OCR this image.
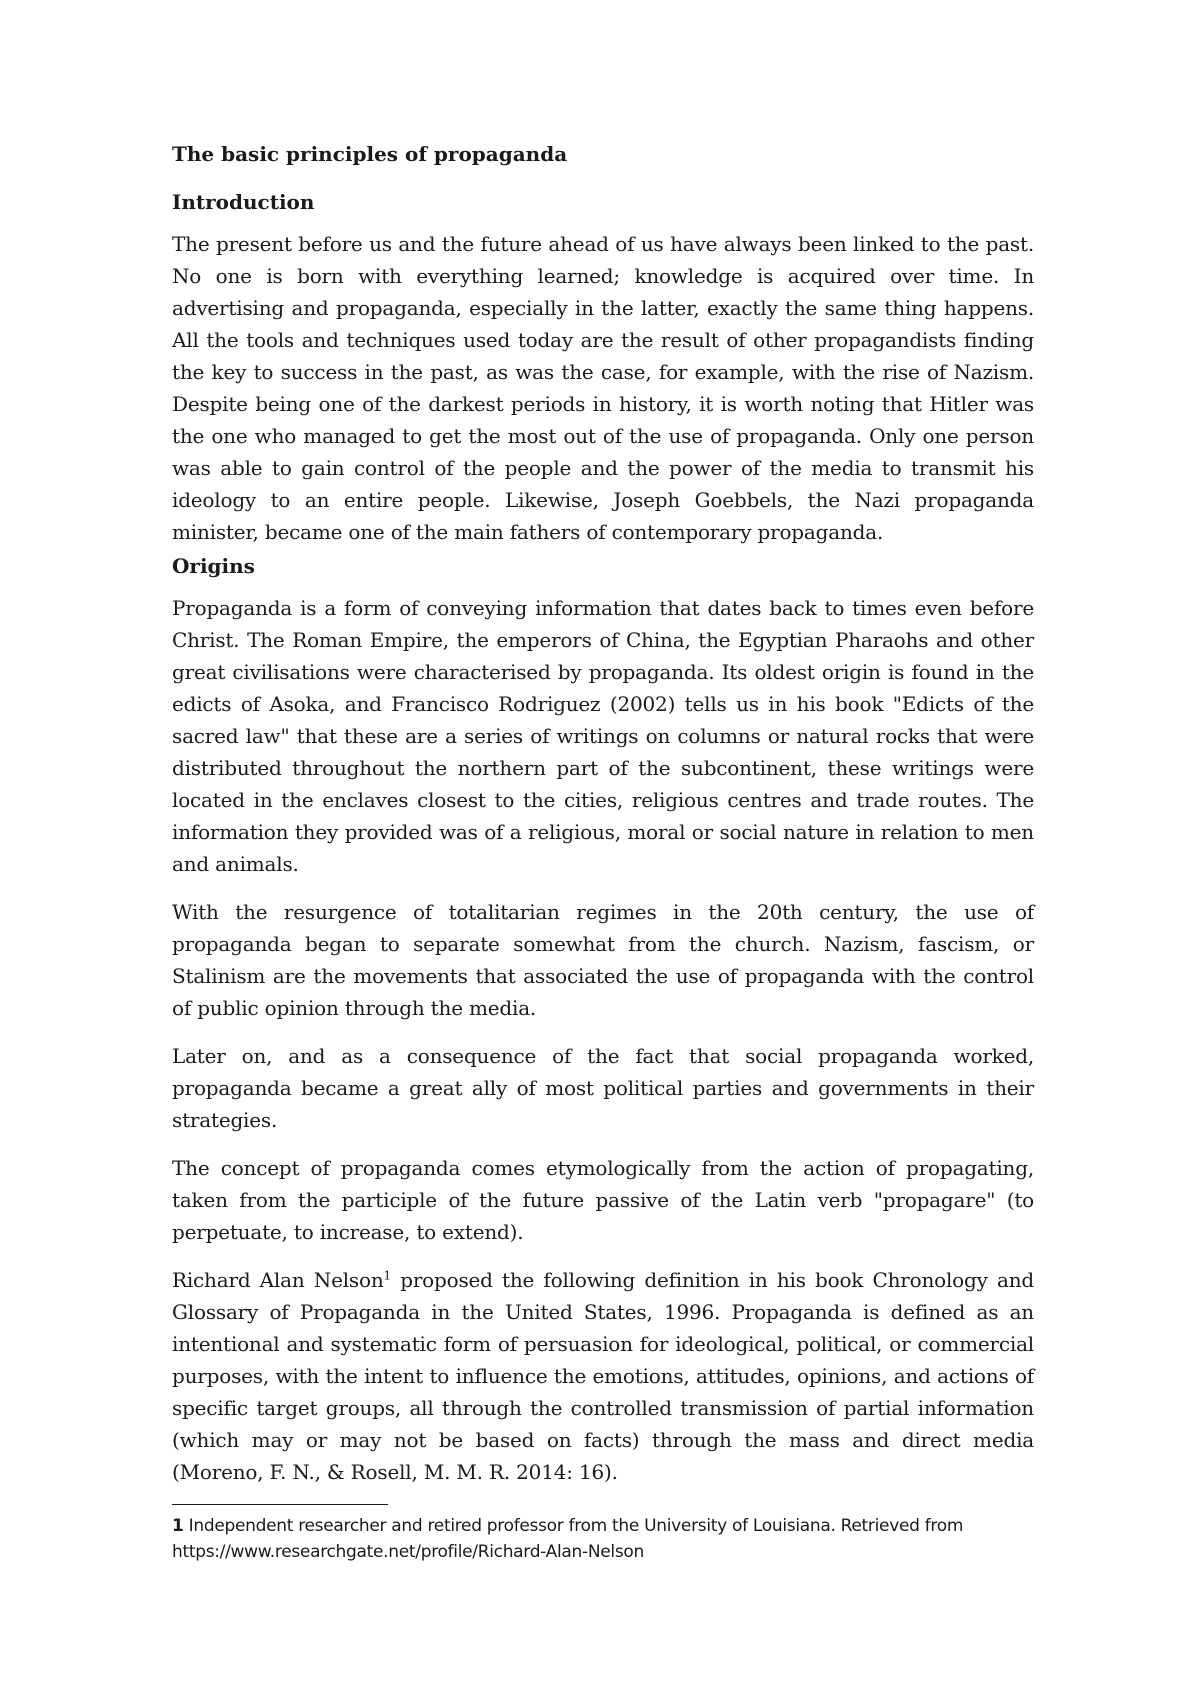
The basic principles of propaganda
Introduction

The present before us and the future ahead of us have always been linked to the past. No one is born with everything learned; knowledge is acquired over time. In advertising and propaganda, especially in the latter, exactly the same thing happens. All the tools and techniques used today are the result of other propagandists finding the key to success in the past, as was the case, for example, with the rise of Nazism. Despite being one of the darkest periods in history, it is worth noting that Hitler was the one who managed to get the most out of the use of propaganda. Only one person was able to gain control of the people and the power of the media to transmit his ideology to an entire people. Likewise, Joseph Goebbels, the Nazi propaganda minister, became one of the main fathers of contemporary propaganda.

Origins

Propaganda is a form of conveying information that dates back to times even before Christ. The Roman Empire, the emperors of China, the Egyptian Pharaohs and other great civilisations were characterised by propaganda. Its oldest origin is found in the edicts of Asoka, and Francisco Rodriguez (2002) tells us in his book "Edicts of the sacred law" that these are a series of writings on columns or natural rocks that were distributed throughout the northern part of the subcontinent, these writings were located in the enclaves closest to the cities, religious centres and trade routes. The information they provided was of a religious, moral or social nature in relation to men and animals.

With the resurgence of totalitarian regimes in the 20th century, the use of propaganda began to separate somewhat from the church. Nazism, fascism, or Stalinism are the movements that associated the use of propaganda with the control of public opinion through the media.

Later on, and as a consequence of the fact that social propaganda worked, propaganda became a great ally of most political parties and governments in their strategies.

The concept of propaganda comes etymologically from the action of propagating, taken from the participle of the future passive of the Latin verb "propagare" (to perpetuate, to increase, to extend).

Richard Alan Nelson$^1$ proposed the following definition in his book Chronology and Glossary of Propaganda in the United States, 1996. Propaganda is defined as an intentional and systematic form of persuasion for ideological, political, or commercial purposes, with the intent to influence the emotions, attitudes, opinions, and actions of specific target groups, all through the controlled transmission of partial information (which may or may not be based on facts) through the mass and direct media (Moreno, F. N., & Rosell, M. M. R. 2014: 16).

1 Independent researcher and retired professor from the University of Louisiana. Retrieved from https://www.researchgate.net/profile/Richard-Alan-Nelson
